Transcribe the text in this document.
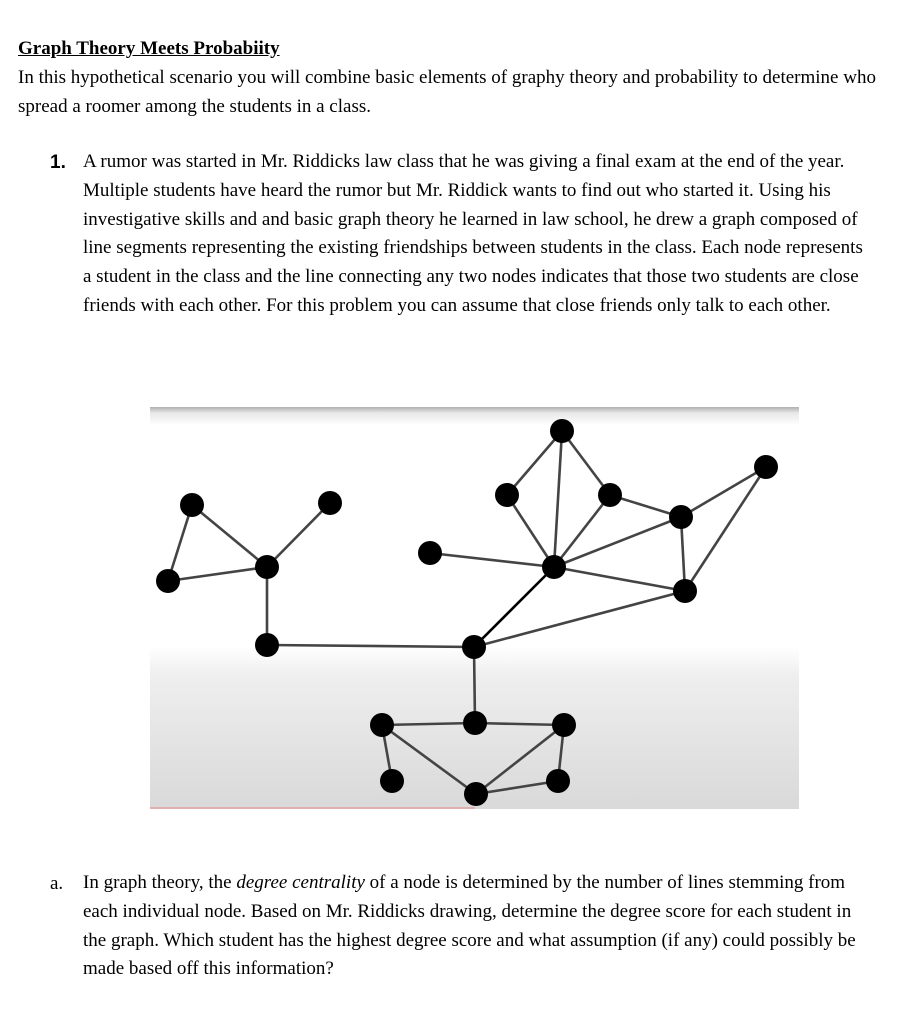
Graph Theory Meets Probabiity
In this hypothetical scenario you will combine basic elements of graphy theory and probability to determine who spread a roomer among the students in a class.
1. A rumor was started in Mr. Riddicks law class that he was giving a final exam at the end of the year. Multiple students have heard the rumor but Mr. Riddick wants to find out who started it. Using his investigative skills and and basic graph theory he learned in law school, he drew a graph composed of line segments representing the existing friendships between students in the class. Each node represents a student in the class and the line connecting any two nodes indicates that those two students are close friends with each other. For this problem you can assume that close friends only talk to each other.
a. In graph theory, the degree centrality of a node is determined by the number of lines stemming from each individual node. Based on Mr. Riddicks drawing, determine the degree score for each student in the graph. Which student has the highest degree score and what assumption (if any) could possibly be made based off this information?
